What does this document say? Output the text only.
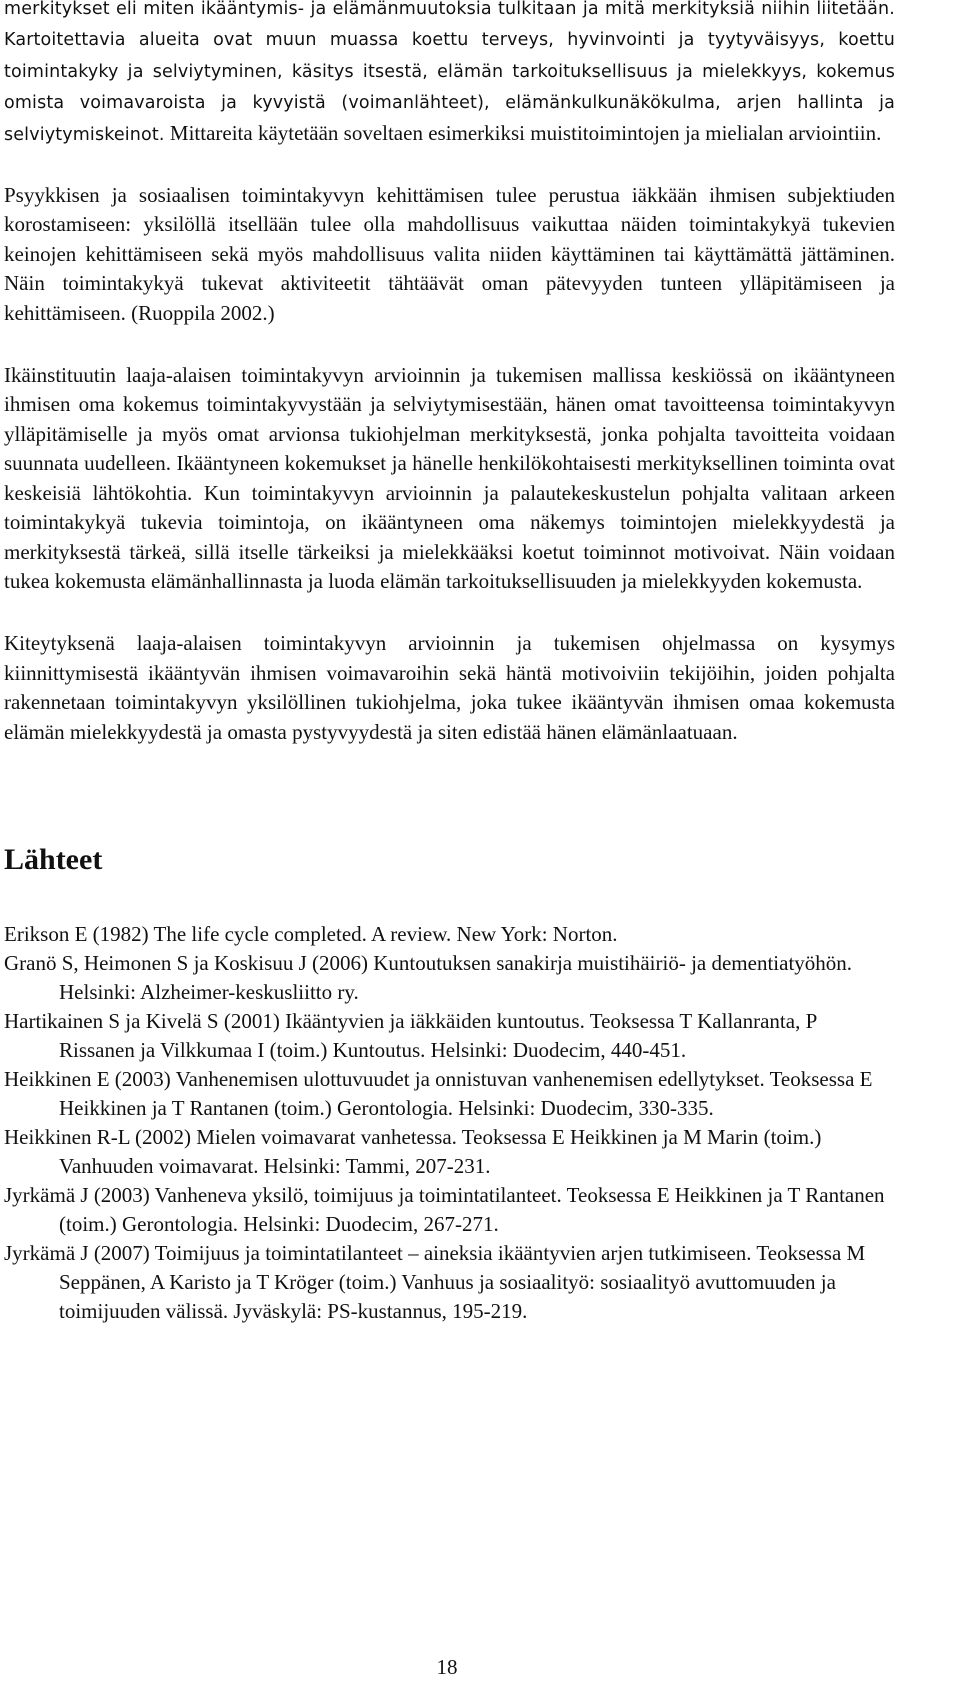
merkitykset eli miten ikääntymis- ja elämänmuutoksia tulkitaan ja mitä merkityksiä niihin liitetään. Kartoitettavia alueita ovat muun muassa koettu terveys, hyvinvointi ja tyytyväisyys, koettu toimintakyky ja selviytyminen, käsitys itsestä, elämän tarkoituksellisuus ja mielekkyys, kokemus omista voimavaroista ja kyvyistä (voimanlähteet), elämänkulkunäkökulma, arjen hallinta ja selviytymiskeinot. Mittareita käytetään soveltaen esimerkiksi muistitoimintojen ja mielialan arviointiin.

Psyykkisen ja sosiaalisen toimintakyvyn kehittämisen tulee perustua iäkkään ihmisen subjektiuden korostamiseen: yksilöllä itsellään tulee olla mahdollisuus vaikuttaa näiden toimintakykyä tukevien keinojen kehittämiseen sekä myös mahdollisuus valita niiden käyttäminen tai käyttämättä jättäminen. Näin toimintakykyä tukevat aktiviteetit tähtäävät oman pätevyyden tunteen ylläpitämiseen ja kehittämiseen. (Ruoppila 2002.)

Ikäinstituutin laaja-alaisen toimintakyvyn arvioinnin ja tukemisen mallissa keskiössä on ikääntyneen ihmisen oma kokemus toimintakyvystään ja selviytymisestään, hänen omat tavoitteensa toimintakyvyn ylläpitämiselle ja myös omat arvionsa tukiohjelman merkityksestä, jonka pohjalta tavoitteita voidaan suunnata uudelleen. Ikääntyneen kokemukset ja hänelle henkilökohtaisesti merkityksellinen toiminta ovat keskeisiä lähtökohtia. Kun toimintakyvyn arvioinnin ja palautekeskustelun pohjalta valitaan arkeen toimintakykyä tukevia toimintoja, on ikääntyneen oma näkemys toimintojen mielekkyydestä ja merkityksestä tärkeä, sillä itselle tärkeiksi ja mielekkääksi koetut toiminnot motivoivat. Näin voidaan tukea kokemusta elämänhallinnasta ja luoda elämän tarkoituksellisuuden ja mielekkyyden kokemusta.

Kiteytyksenä laaja-alaisen toimintakyvyn arvioinnin ja tukemisen ohjelmassa on kysymys kiinnittymisestä ikääntyvän ihmisen voimavaroihin sekä häntä motivoiviin tekijöihin, joiden pohjalta rakennetaan toimintakyvyn yksilöllinen tukiohjelma, joka tukee ikääntyvän ihmisen omaa kokemusta elämän mielekkyydestä ja omasta pystyvyydestä ja siten edistää hänen elämänlaatuaan.

Lähteet
Erikson E (1982) The life cycle completed. A review. New York: Norton.
Granö S, Heimonen S ja Koskisuu J (2006) Kuntoutuksen sanakirja muistihäiriö- ja dementiatyöhön. Helsinki: Alzheimer-keskusliitto ry.
Hartikainen S ja Kivelä S (2001) Ikääntyvien ja iäkkäiden kuntoutus. Teoksessa T Kallanranta, P Rissanen ja Vilkkumaa I (toim.) Kuntoutus. Helsinki: Duodecim, 440-451.
Heikkinen E (2003) Vanhenemisen ulottuvuudet ja onnistuvan vanhenemisen edellytykset. Teoksessa E Heikkinen ja T Rantanen (toim.) Gerontologia. Helsinki: Duodecim, 330-335.
Heikkinen R-L (2002) Mielen voimavarat vanhetessa. Teoksessa E Heikkinen ja M Marin (toim.) Vanhuuden voimavarat. Helsinki: Tammi, 207-231.
Jyrkämä J (2003) Vanheneva yksilö, toimijuus ja toimintatilanteet. Teoksessa E Heikkinen ja T Rantanen (toim.) Gerontologia. Helsinki: Duodecim, 267-271.
Jyrkämä J (2007) Toimijuus ja toimintatilanteet – aineksia ikääntyvien arjen tutkimiseen. Teoksessa M Seppänen, A Karisto ja T Kröger (toim.) Vanhuus ja sosiaalityö: sosiaalityö avuttomuuden ja toimijuuden välissä. Jyväskylä: PS-kustannus, 195-219.
18
